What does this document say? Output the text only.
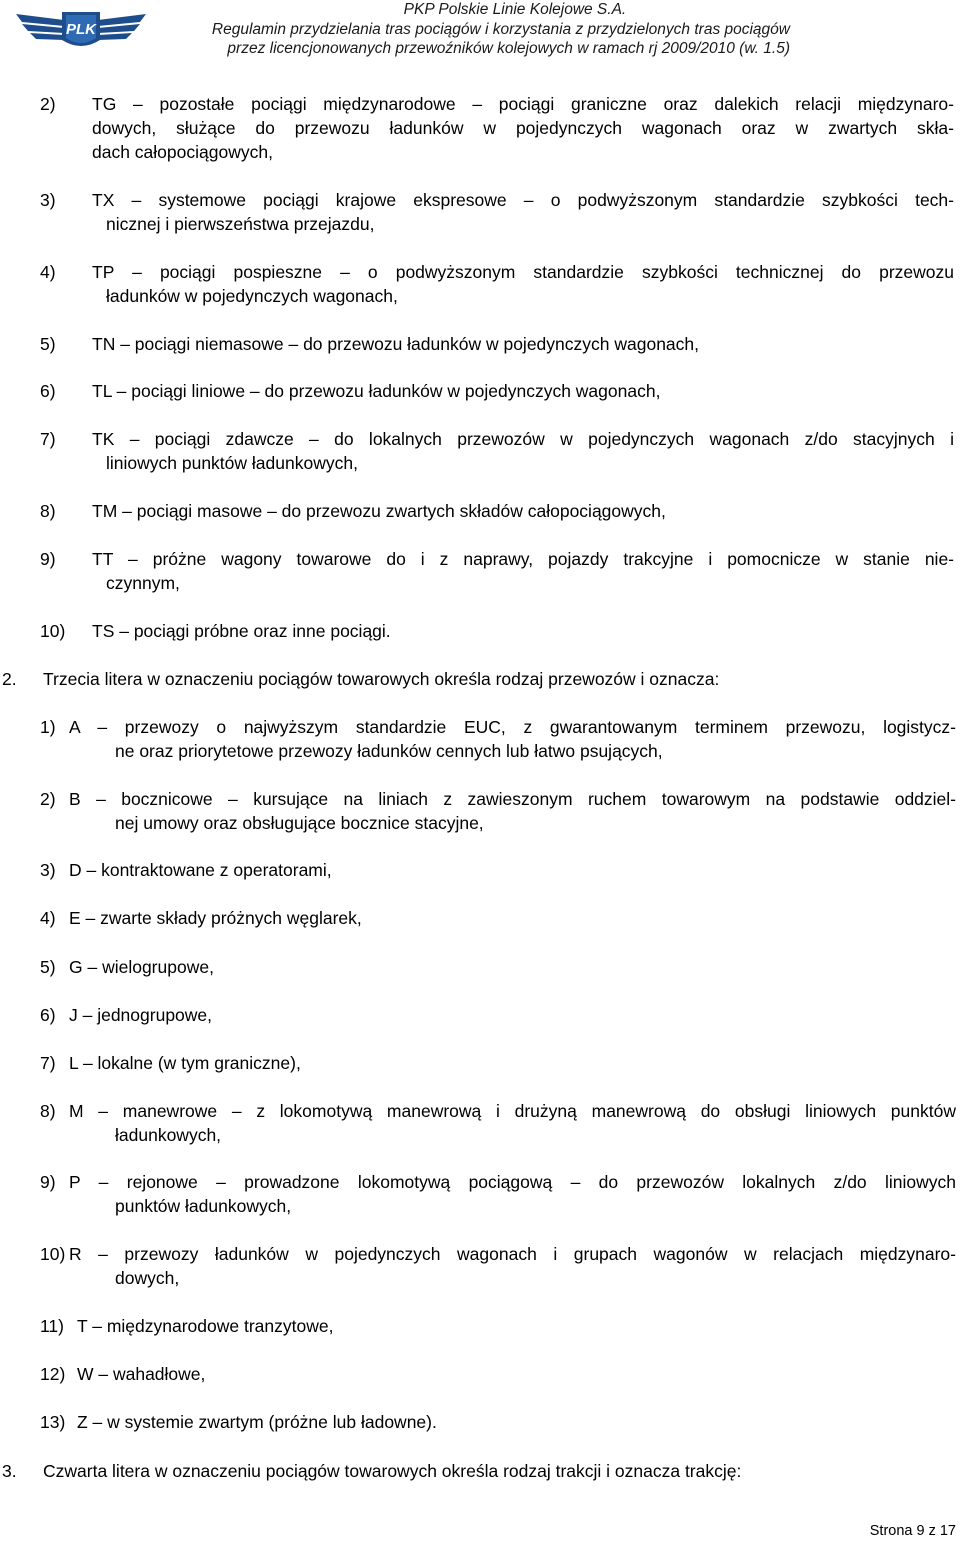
PLK
PKP Polskie Linie Kolejowe S.A.
Regulamin przydzielania tras pociągów i korzystania z przydzielonych tras pociągów
przez licencjonowanych przewoźników kolejowych w ramach rj 2009/2010 (w. 1.5)
2) TG – pozostałe pociągi międzynarodowe – pociągi graniczne oraz dalekich relacji międzynaro-
dowych, służące do przewozu ładunków w pojedynczych wagonach oraz w zwartych skła-
dach całopociągowych,
3) TX – systemowe pociągi krajowe ekspresowe – o podwyższonym standardzie szybkości tech-
nicznej i pierwszeństwa przejazdu,
4) TP – pociągi pospieszne – o podwyższonym standardzie szybkości technicznej do przewozu
ładunków w pojedynczych wagonach,
5) TN – pociągi niemasowe – do przewozu ładunków w pojedynczych wagonach,
6) TL – pociągi liniowe – do przewozu ładunków w pojedynczych wagonach,
7) TK – pociągi zdawcze – do lokalnych przewozów w pojedynczych wagonach z/do stacyjnych i
liniowych punktów ładunkowych,
8) TM – pociągi masowe – do przewozu zwartych składów całopociągowych,
9) TT – próżne wagony towarowe do i z naprawy, pojazdy trakcyjne i pomocnicze w stanie nie-
czynnym,
10) TS – pociągi próbne oraz inne pociągi.
2. Trzecia litera w oznaczeniu pociągów towarowych określa rodzaj przewozów i oznacza:
1) A – przewozy o najwyższym standardzie EUC, z gwarantowanym terminem przewozu, logistycz-
ne oraz priorytetowe przewozy ładunków cennych lub łatwo psujących,
2) B – bocznicowe – kursujące na liniach z zawieszonym ruchem towarowym na podstawie oddziel-
nej umowy oraz obsługujące bocznice stacyjne,
3) D – kontraktowane z operatorami,
4) E – zwarte składy próżnych węglarek,
5) G – wielogrupowe,
6) J – jednogrupowe,
7) L – lokalne (w tym graniczne),
8) M – manewrowe – z lokomotywą manewrową i drużyną manewrową do obsługi liniowych punktów
ładunkowych,
9) P – rejonowe – prowadzone lokomotywą pociągową – do przewozów lokalnych z/do liniowych
punktów ładunkowych,
10) R – przewozy ładunków w pojedynczych wagonach i grupach wagonów w relacjach międzynaro-
dowych,
11) T – międzynarodowe tranzytowe,
12) W – wahadłowe,
13) Z – w systemie zwartym (próżne lub ładowne).
3. Czwarta litera w oznaczeniu pociągów towarowych określa rodzaj trakcji i oznacza trakcję:
Strona 9 z 17
